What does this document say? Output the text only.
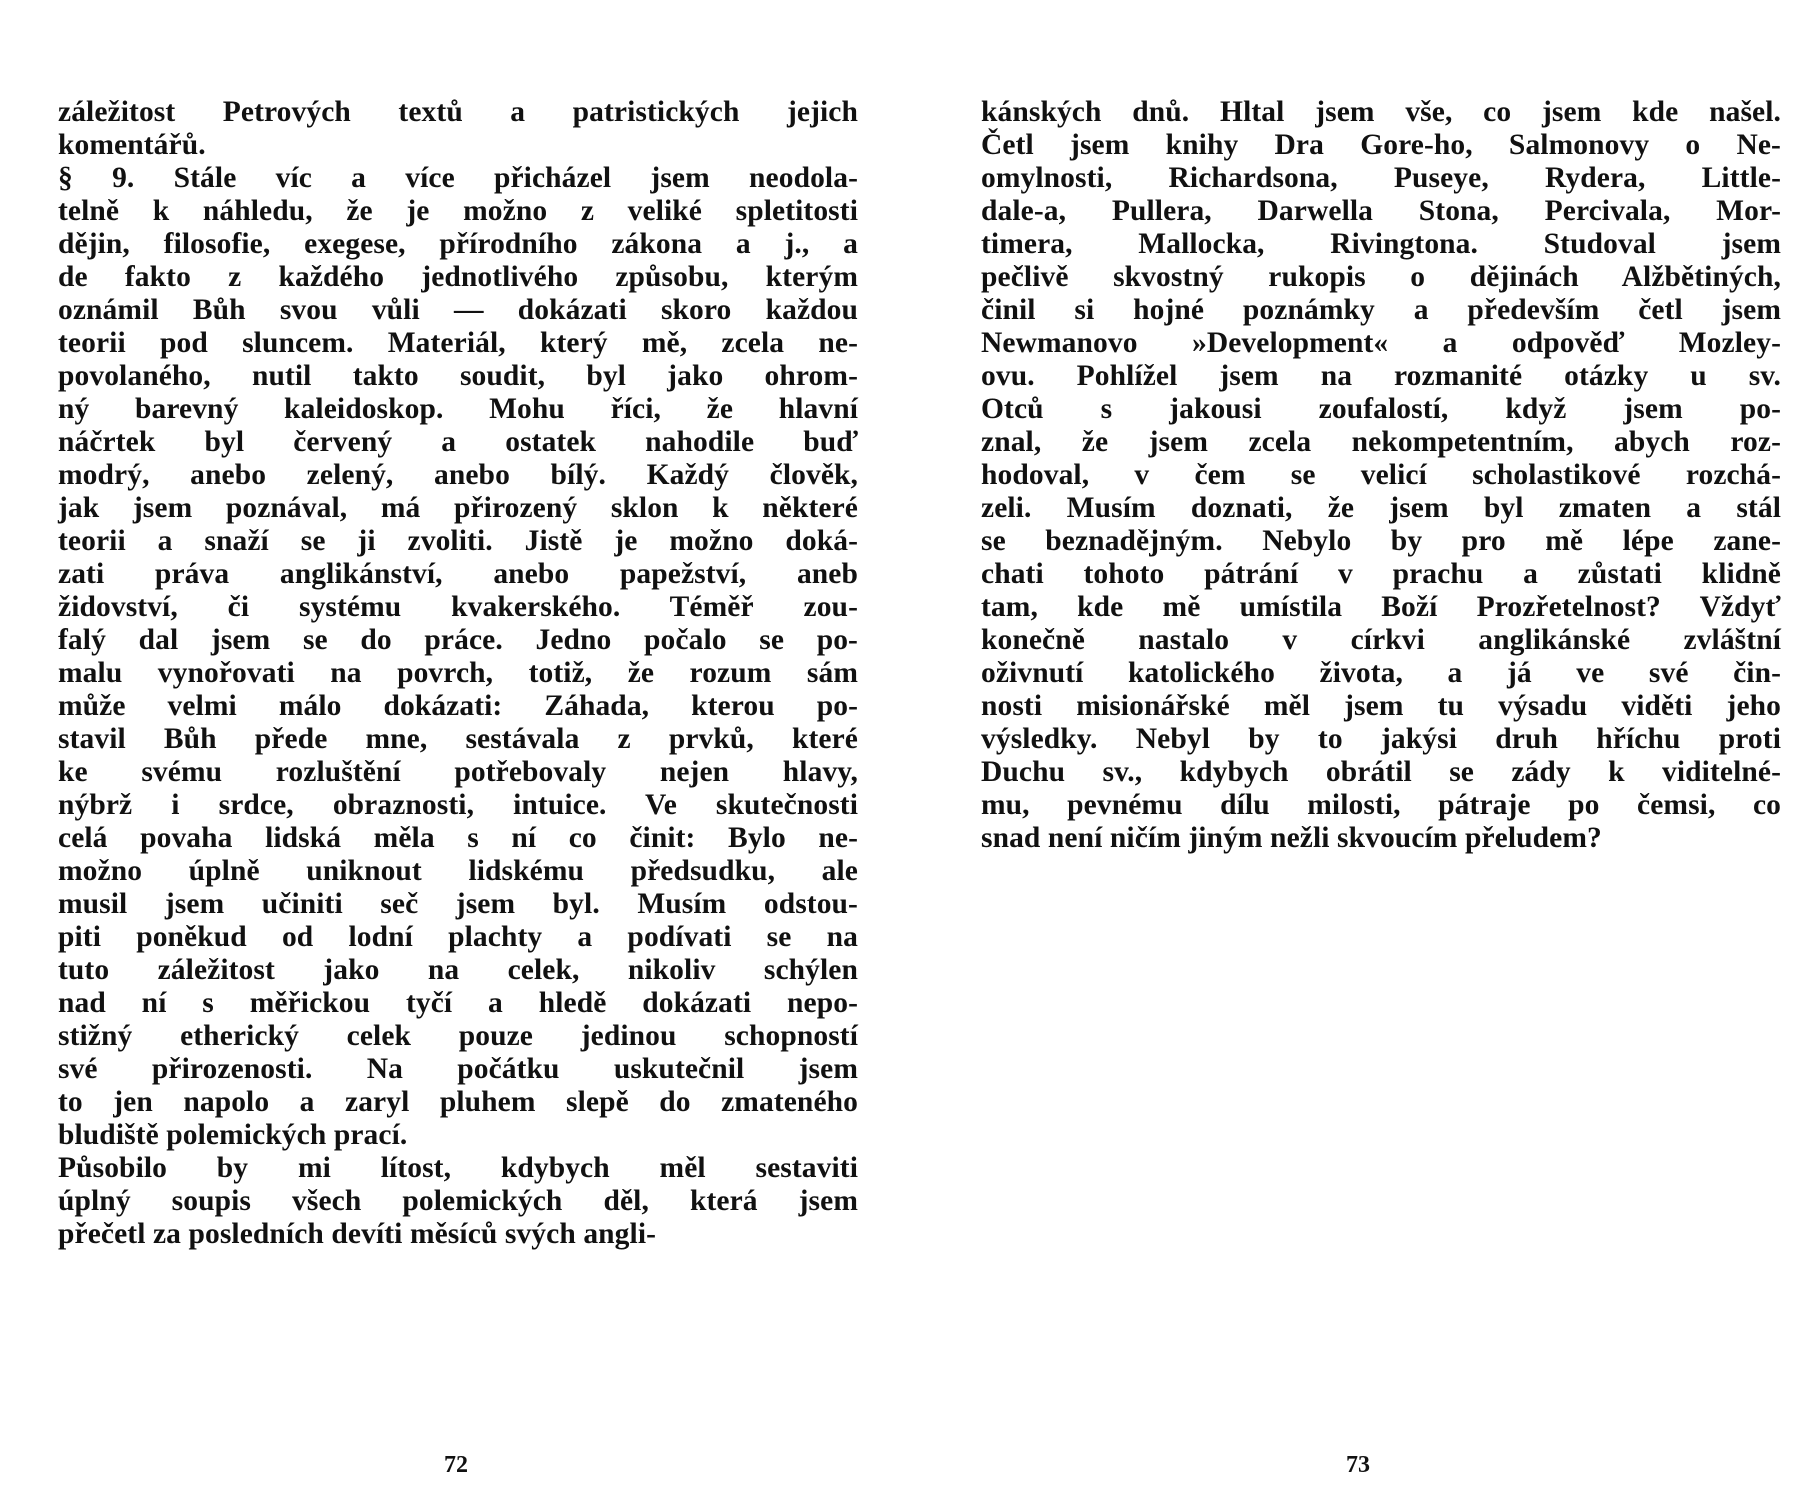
záležitost Petrových textů a patristických jejich
komentářů.
§ 9. Stále víc a více přicházel jsem neodola-
telně k náhledu, že je možno z veliké spletitosti
dějin, filosofie, exegese, přírodního zákona a j., a
de fakto z každého jednotlivého způsobu, kterým
oznámil Bůh svou vůli — dokázati skoro každou
teorii pod sluncem. Materiál, který mě, zcela ne-
povolaného, nutil takto soudit, byl jako ohrom-
ný barevný kaleidoskop. Mohu říci, že hlavní
náčrtek byl červený a ostatek nahodile buď
modrý, anebo zelený, anebo bílý. Každý člověk,
jak jsem poznával, má přirozený sklon k některé
teorii a snaží se ji zvoliti. Jistě je možno doká-
zati práva anglikánství, anebo papežství, aneb
židovství, či systému kvakerského. Téměř zou-
falý dal jsem se do práce. Jedno počalo se po-
malu vynořovati na povrch, totiž, že rozum sám
může velmi málo dokázati: Záhada, kterou po-
stavil Bůh přede mne, sestávala z prvků, které
ke svému rozluštění potřebovaly nejen hlavy,
nýbrž i srdce, obraznosti, intuice. Ve skutečnosti
celá povaha lidská měla s ní co činit: Bylo ne-
možno úplně uniknout lidskému předsudku, ale
musil jsem učiniti seč jsem byl. Musím odstou-
piti poněkud od lodní plachty a podívati se na
tuto záležitost jako na celek, nikoliv schýlen
nad ní s měřickou tyčí a hledě dokázati nepo-
stižný etherický celek pouze jedinou schopností
své přirozenosti. Na počátku uskutečnil jsem
to jen napolo a zaryl pluhem slepě do zmateného
bludiště polemických prací.
Působilo by mi lítost, kdybych měl sestaviti
úplný soupis všech polemických děl, která jsem
přečetl za posledních devíti měsíců svých angli-
72
kánských dnů. Hltal jsem vše, co jsem kde našel.
Četl jsem knihy Dra Gore-ho, Salmonovy o Ne-
omylnosti, Richardsona, Puseye, Rydera, Little-
dale-a, Pullera, Darwella Stona, Percivala, Mor-
timera, Mallocka, Rivingtona. Studoval jsem
pečlivě skvostný rukopis o dějinách Alžbětiných,
činil si hojné poznámky a především četl jsem
Newmanovo »Development« a odpověď Mozley-
ovu. Pohlížel jsem na rozmanité otázky u sv.
Otců s jakousi zoufalostí, když jsem po-
znal, že jsem zcela nekompetentním, abych roz-
hodoval, v čem se velicí scholastikové rozchá-
zeli. Musím doznati, že jsem byl zmaten a stál
se beznadějným. Nebylo by pro mě lépe zane-
chati tohoto pátrání v prachu a zůstati klidně
tam, kde mě umístila Boží Prozřetelnost? Vždyť
konečně nastalo v církvi anglikánské zvláštní
oživnutí katolického života, a já ve své čin-
nosti misionářské měl jsem tu výsadu viděti jeho
výsledky. Nebyl by to jakýsi druh hříchu proti
Duchu sv., kdybych obrátil se zády k viditelné-
mu, pevnému dílu milosti, pátraje po čemsi, co
snad není ničím jiným nežli skvoucím přeludem?
73
